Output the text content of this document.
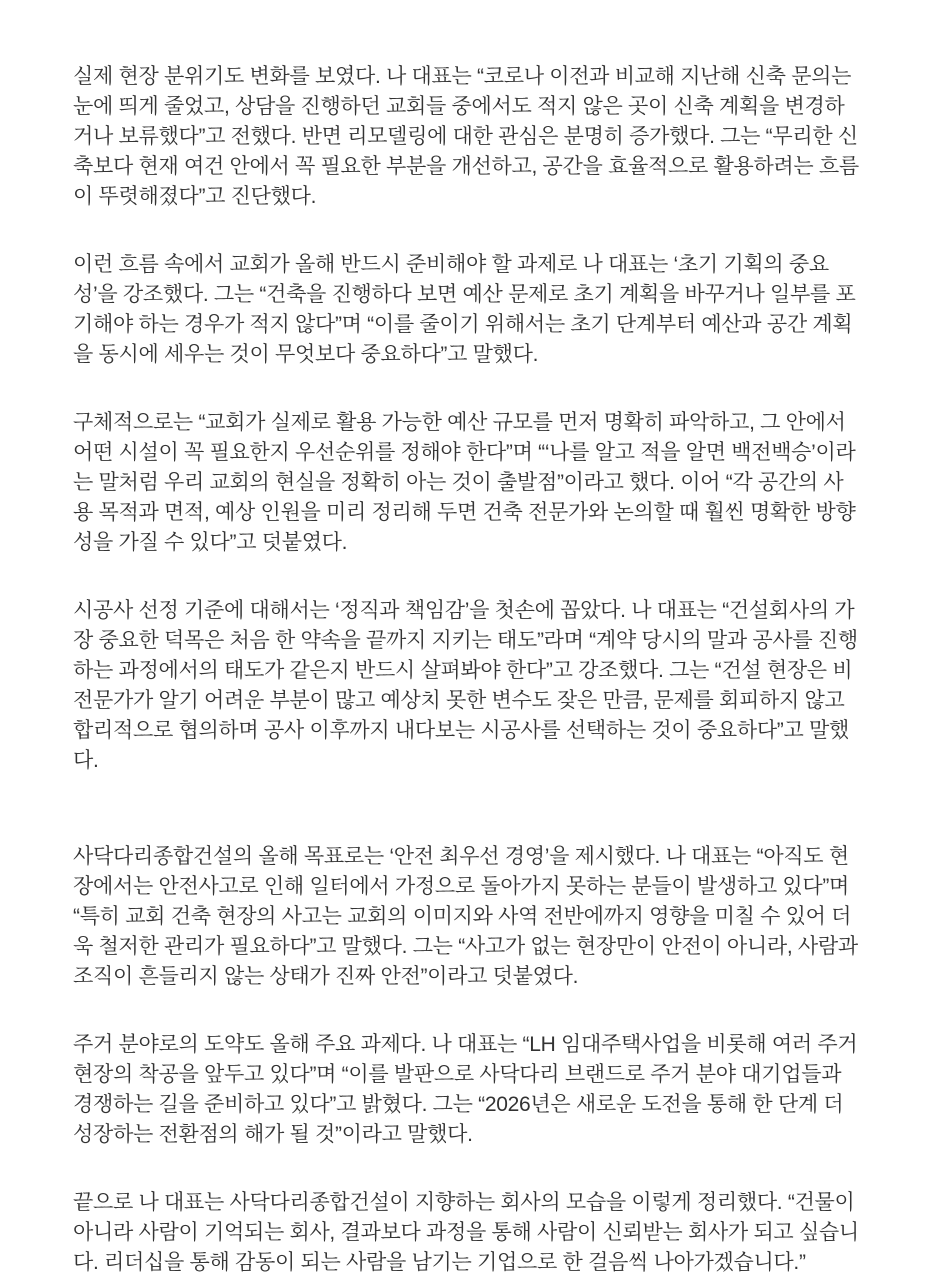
실제 현장 분위기도 변화를 보였다. 나 대표는 “코로나 이전과 비교해 지난해 신축 문의는 눈에 띄게 줄었고, 상담을 진행하던 교회들 중에서도 적지 않은 곳이 신축 계획을 변경하거나 보류했다”고 전했다. 반면 리모델링에 대한 관심은 분명히 증가했다. 그는 “무리한 신축보다 현재 여건 안에서 꼭 필요한 부분을 개선하고, 공간을 효율적으로 활용하려는 흐름이 뚜렷해졌다”고 진단했다.

이런 흐름 속에서 교회가 올해 반드시 준비해야 할 과제로 나 대표는 ‘초기 기획의 중요성’을 강조했다. 그는 “건축을 진행하다 보면 예산 문제로 초기 계획을 바꾸거나 일부를 포기해야 하는 경우가 적지 않다”며 “이를 줄이기 위해서는 초기 단계부터 예산과 공간 계획을 동시에 세우는 것이 무엇보다 중요하다”고 말했다.

구체적으로는 “교회가 실제로 활용 가능한 예산 규모를 먼저 명확히 파악하고, 그 안에서 어떤 시설이 꼭 필요한지 우선순위를 정해야 한다”며 “‘나를 알고 적을 알면 백전백승’이라는 말처럼 우리 교회의 현실을 정확히 아는 것이 출발점”이라고 했다. 이어 “각 공간의 사용 목적과 면적, 예상 인원을 미리 정리해 두면 건축 전문가와 논의할 때 훨씬 명확한 방향성을 가질 수 있다”고 덧붙였다.

시공사 선정 기준에 대해서는 ‘정직과 책임감’을 첫손에 꼽았다. 나 대표는 “건설회사의 가장 중요한 덕목은 처음 한 약속을 끝까지 지키는 태도”라며 “계약 당시의 말과 공사를 진행하는 과정에서의 태도가 같은지 반드시 살펴봐야 한다”고 강조했다. 그는 “건설 현장은 비전문가가 알기 어려운 부분이 많고 예상치 못한 변수도 잦은 만큼, 문제를 회피하지 않고 합리적으로 협의하며 공사 이후까지 내다보는 시공사를 선택하는 것이 중요하다”고 말했다.

사닥다리종합건설의 올해 목표로는 ‘안전 최우선 경영’을 제시했다. 나 대표는 “아직도 현장에서는 안전사고로 인해 일터에서 가정으로 돌아가지 못하는 분들이 발생하고 있다”며 “특히 교회 건축 현장의 사고는 교회의 이미지와 사역 전반에까지 영향을 미칠 수 있어 더욱 철저한 관리가 필요하다”고 말했다. 그는 “사고가 없는 현장만이 안전이 아니라, 사람과 조직이 흔들리지 않는 상태가 진짜 안전”이라고 덧붙였다.

주거 분야로의 도약도 올해 주요 과제다. 나 대표는 “LH 임대주택사업을 비롯해 여러 주거 현장의 착공을 앞두고 있다”며 “이를 발판으로 사닥다리 브랜드로 주거 분야 대기업들과 경쟁하는 길을 준비하고 있다”고 밝혔다. 그는 “2026년은 새로운 도전을 통해 한 단계 더 성장하는 전환점의 해가 될 것”이라고 말했다.

끝으로 나 대표는 사닥다리종합건설이 지향하는 회사의 모습을 이렇게 정리했다. “건물이 아니라 사람이 기억되는 회사, 결과보다 과정을 통해 사람이 신뢰받는 회사가 되고 싶습니다. 리더십을 통해 감동이 되는 사람을 남기는 기업으로 한 걸음씩 나아가겠습니다.”
